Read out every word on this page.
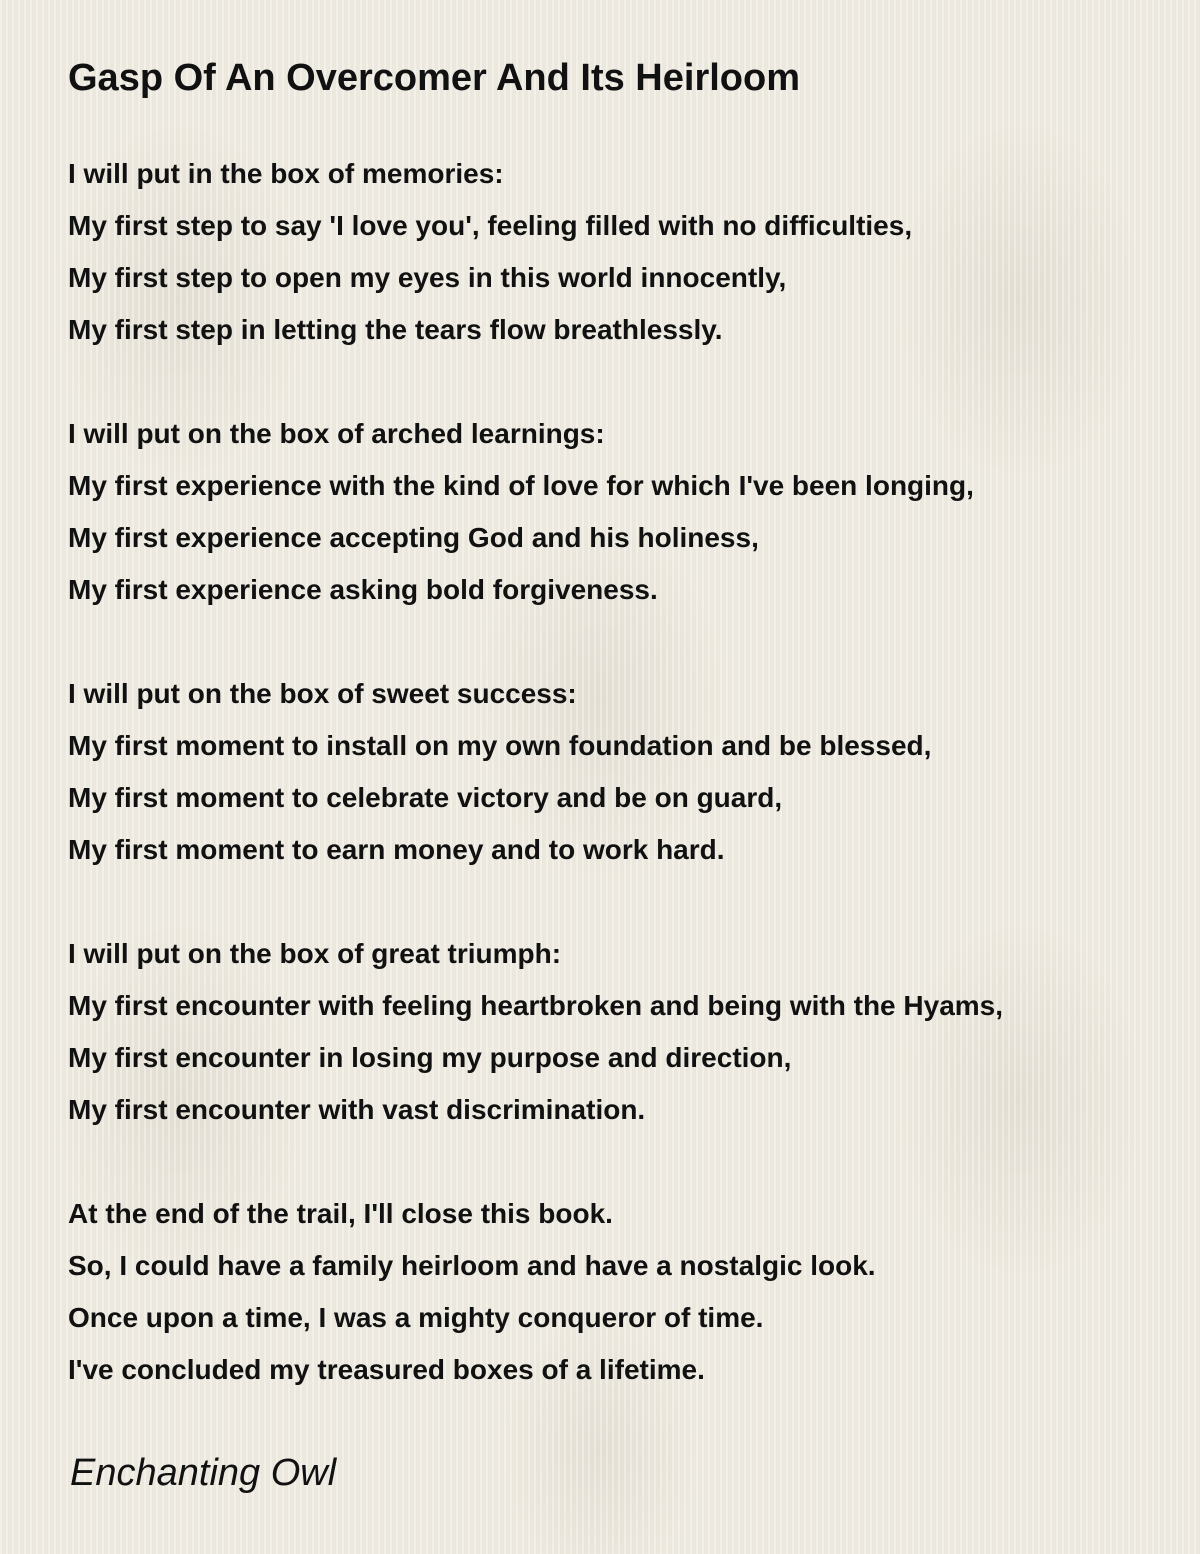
Gasp Of An Overcomer And Its Heirloom
I will put in the box of memories:
My first step to say 'I love you', feeling filled with no difficulties,
My first step to open my eyes in this world innocently,
My first step in letting the tears flow breathlessly.
I will put on the box of arched learnings:
My first experience with the kind of love for which I've been longing,
My first experience accepting God and his holiness,
My first experience asking bold forgiveness.
I will put on the box of sweet success:
My first moment to install on my own foundation and be blessed,
My first moment to celebrate victory and be on guard,
My first moment to earn money and to work hard.
I will put on the box of great triumph:
My first encounter with feeling heartbroken and being with the Hyams,
My first encounter in losing my purpose and direction,
My first encounter with vast discrimination.
At the end of the trail, I'll close this book.
So, I could have a family heirloom and have a nostalgic look.
Once upon a time, I was a mighty conqueror of time.
I've concluded my treasured boxes of a lifetime.
Enchanting Owl
